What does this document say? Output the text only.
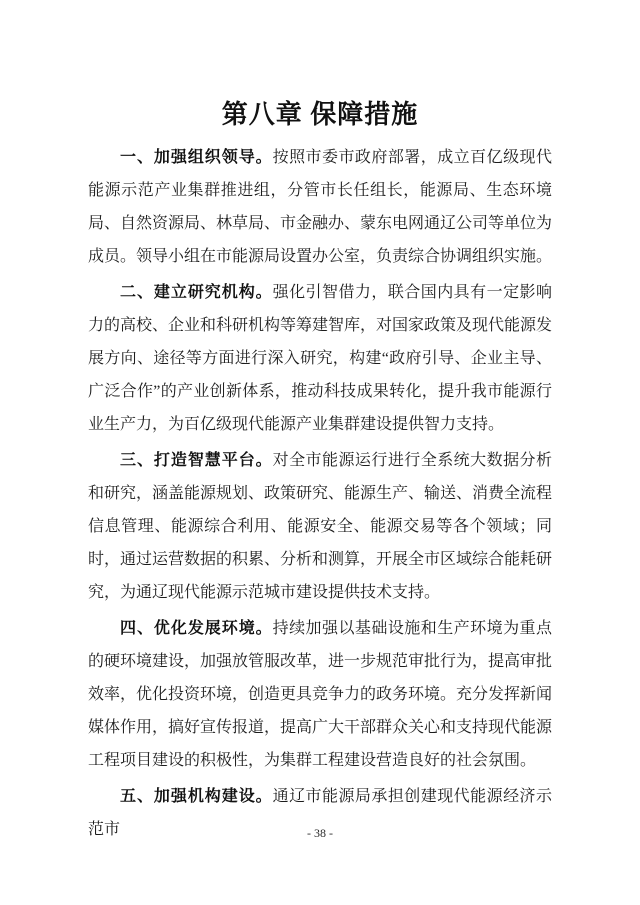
第八章 保障措施

一、加强组织领导。按照市委市政府部署，成立百亿级现代能源示范产业集群推进组，分管市长任组长，能源局、生态环境局、自然资源局、林草局、市金融办、蒙东电网通辽公司等单位为成员。领导小组在市能源局设置办公室，负责综合协调组织实施。

二、建立研究机构。强化引智借力，联合国内具有一定影响力的高校、企业和科研机构等筹建智库，对国家政策及现代能源发展方向、途径等方面进行深入研究，构建“政府引导、企业主导、广泛合作”的产业创新体系，推动科技成果转化，提升我市能源行业生产力，为百亿级现代能源产业集群建设提供智力支持。

三、打造智慧平台。对全市能源运行进行全系统大数据分析和研究，涵盖能源规划、政策研究、能源生产、输送、消费全流程信息管理、能源综合利用、能源安全、能源交易等各个领域；同时，通过运营数据的积累、分析和测算，开展全市区域综合能耗研究，为通辽现代能源示范城市建设提供技术支持。

四、优化发展环境。持续加强以基础设施和生产环境为重点的硬环境建设，加强放管服改革，进一步规范审批行为，提高审批效率，优化投资环境，创造更具竞争力的政务环境。充分发挥新闻媒体作用，搞好宣传报道，提高广大干部群众关心和支持现代能源工程项目建设的积极性，为集群工程建设营造良好的社会氛围。

五、加强机构建设。通辽市能源局承担创建现代能源经济示范市	- 38 -
